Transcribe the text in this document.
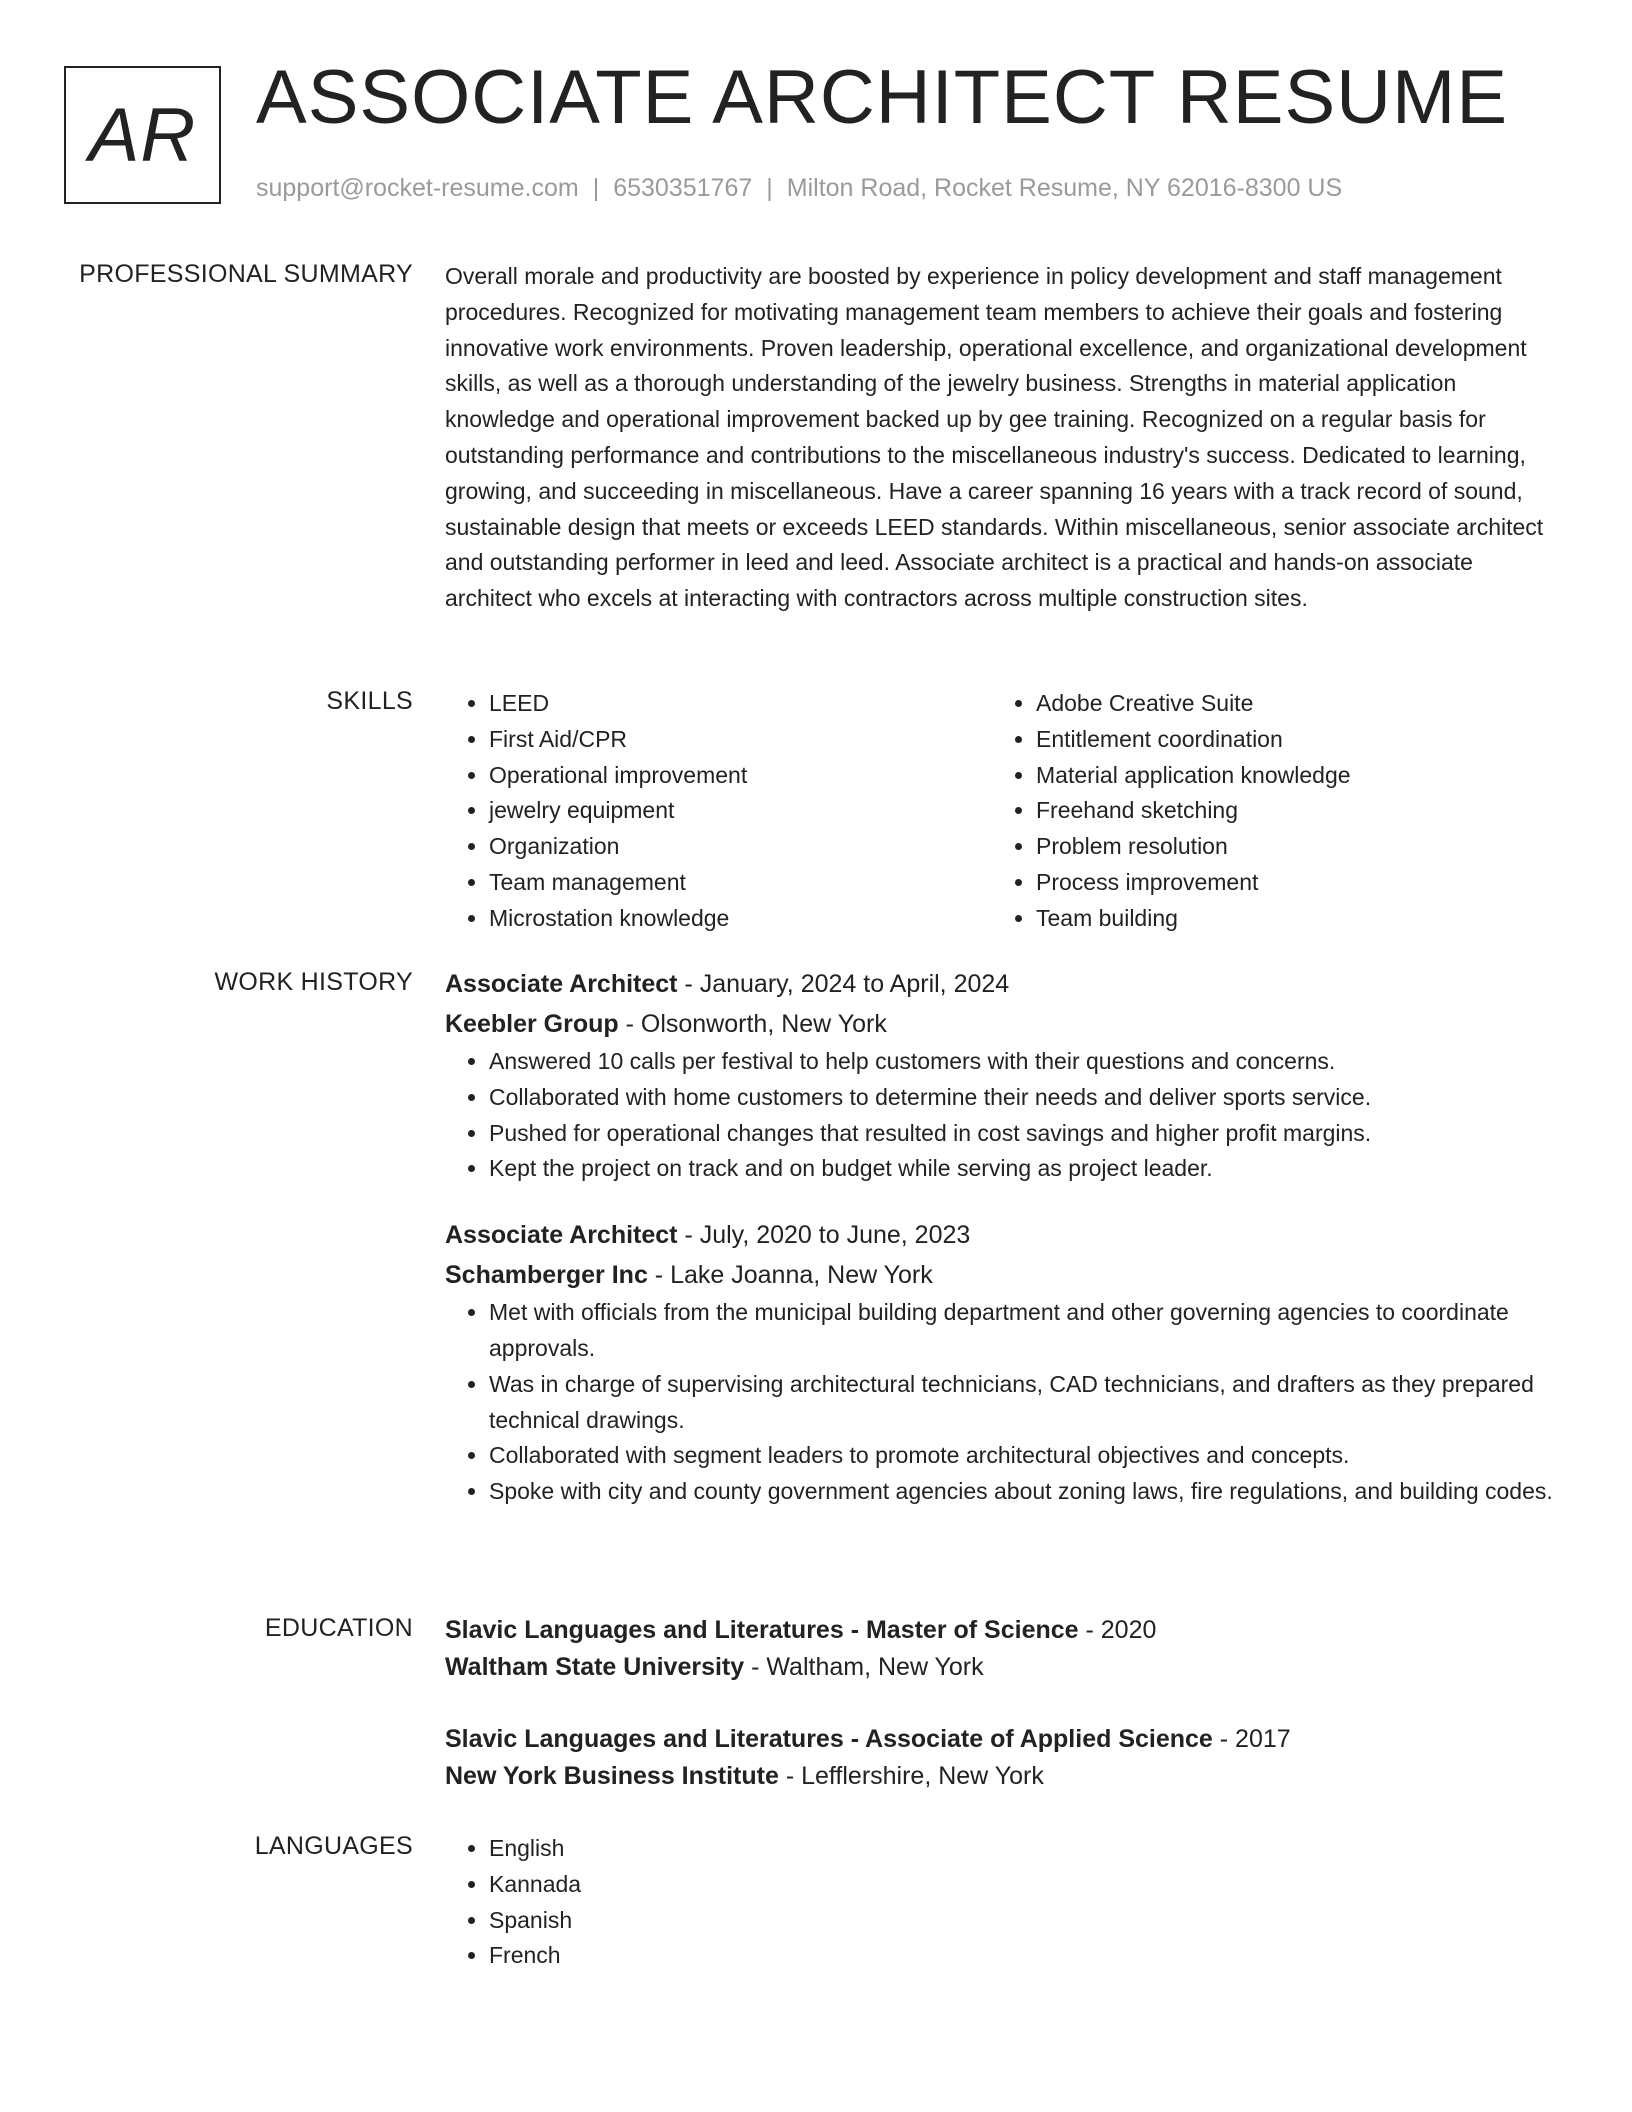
AR ASSOCIATE ARCHITECT RESUME
support@rocket-resume.com | 6530351767 | Milton Road, Rocket Resume, NY 62016-8300 US
PROFESSIONAL SUMMARY Overall morale and productivity are boosted by experience in policy development and staff management procedures. Recognized for motivating management team members to achieve their goals and fostering innovative work environments. Proven leadership, operational excellence, and organizational development skills, as well as a thorough understanding of the jewelry business. Strengths in material application knowledge and operational improvement backed up by gee training. Recognized on a regular basis for outstanding performance and contributions to the miscellaneous industry's success. Dedicated to learning, growing, and succeeding in miscellaneous. Have a career spanning 16 years with a track record of sound, sustainable design that meets or exceeds LEED standards. Within miscellaneous, senior associate architect and outstanding performer in leed and leed. Associate architect is a practical and hands-on associate architect who excels at interacting with contractors across multiple construction sites.

SKILLS	• LEED
• First Aid/CPR
• Operational improvement
• jewelry equipment
• Organization
• Team management
• Microstation knowledge
• Adobe Creative Suite
• Entitlement coordination
• Material application knowledge
• Freehand sketching
• Problem resolution
• Process improvement
• Team building
WORK HISTORY Associate Architect - January, 2024 to April, 2024
Keebler Group - Olsonworth, New York
• Answered 10 calls per festival to help customers with their questions and concerns.
• Collaborated with home customers to determine their needs and deliver sports service.
• Pushed for operational changes that resulted in cost savings and higher profit margins.
• Kept the project on track and on budget while serving as project leader.
Associate Architect - July, 2020 to June, 2023
Schamberger Inc - Lake Joanna, New York
• Met with officials from the municipal building department and other governing agencies to coordinate approvals.
• Was in charge of supervising architectural technicians, CAD technicians, and drafters as they prepared technical drawings.
• Collaborated with segment leaders to promote architectural objectives and concepts.
• Spoke with city and county government agencies about zoning laws, fire regulations, and building codes.
EDUCATION Slavic Languages and Literatures - Master of Science - 2020
Waltham State University - Waltham, New York
Slavic Languages and Literatures - Associate of Applied Science - 2017
New York Business Institute - Lefflershire, New York
LANGUAGES	• English
• Kannada
• Spanish
• French
